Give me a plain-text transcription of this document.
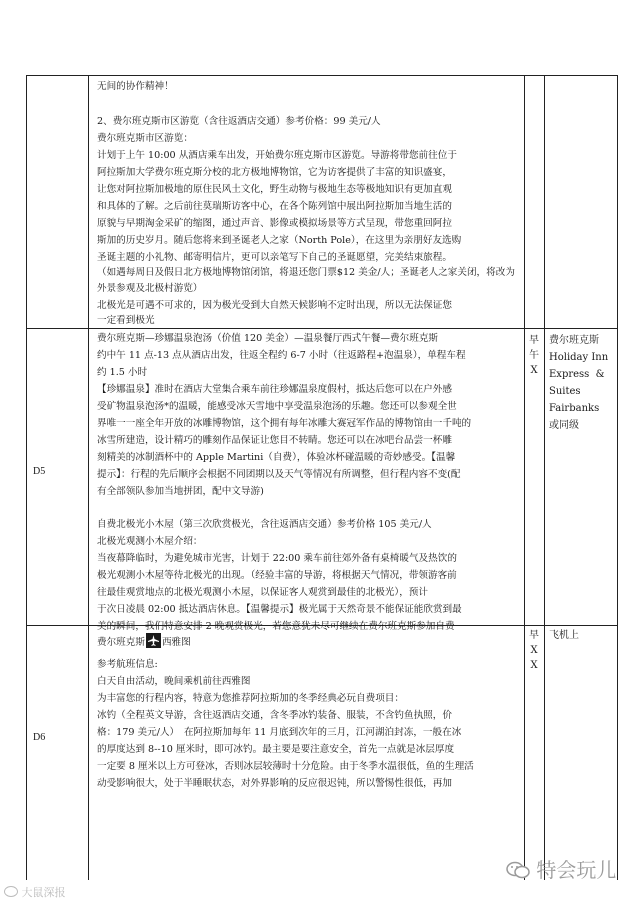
无间的协作精神！
2、费尔班克斯市区游览（含往返酒店交通）参考价格：99 美元/人
费尔班克斯市区游览：
计划于上午 10:00 从酒店乘车出发，开始费尔班克斯市区游览。导游将带您前往位于
阿拉斯加大学费尔班克斯分校的北方极地博物馆，它为访客提供了丰富的知识盛宴，
让您对阿拉斯加极地的原住民风土文化，野生动物与极地生态等极地知识有更加直观
和具体的了解。之后前往莫瑞斯访客中心，在各个陈列馆中展出阿拉斯加当地生活的
原貌与早期淘金采矿的缩图，通过声音、影像或模拟场景等方式呈现，带您重回阿拉
斯加的历史岁月。随后您将来到圣诞老人之家（North Pole），在这里为亲朋好友选购
圣诞主题的小礼物、邮寄明信片，更可以亲笔写下自己的圣诞愿望，完美结束旅程。
（如遇每周日及假日北方极地博物馆闭馆，将退还您门票$12 美金/人；圣诞老人之家关闭，将改为外景参观及北极村游览）
北极光是可遇不可求的，因为极光受到大自然天候影响不定时出现，所以无法保证您
一定看到极光
D5
费尔班克斯—珍娜温泉泡汤（价值 120 美金）—温泉餐厅西式午餐—费尔班克斯
约中午 11 点-13 点从酒店出发，往返全程约 6-7 小时（往返路程+泡温泉），单程车程
约 1.5 小时
【珍娜温泉】准时在酒店大堂集合乘车前往珍娜温泉度假村，抵达后您可以在户外感
受矿物温泉泡汤*的温暖，能感受冰天雪地中享受温泉泡汤的乐趣。您还可以参观全世
界唯一一座全年开放的冰雕博物馆，这个拥有每年冰雕大赛冠军作品的博物馆由一千吨的
冰雪所建造，设计精巧的雕刻作品保证让您目不转睛。您还可以在冰吧台品尝一杯雕
刻精美的冰制酒杯中的 Apple Martini（自费），体验冰杯碰温暖的奇妙感受。【温馨
提示】：行程的先后顺序会根据不同团期以及天气等情况有所调整，但行程内容不变(配
有全部领队参加当地拼团，配中文导游)
自费北极光小木屋（第三次欣赏极光，含往返酒店交通）参考价格 105 美元/人
北极光观测小木屋介绍：
当夜幕降临时，为避免城市光害，计划于 22:00 乘车前往郊外备有桌椅暖气及热饮的
极光观测小木屋等待北极光的出现。（经验丰富的导游，将根据天气情况，带领游客前
往最佳观赏地点的北极光观测小木屋，以保证客人观赏到最佳的北极光），预计
于次日凌晨 02:00 抵达酒店休息。【温馨提示】极光属于天然奇景不能保证能欣赏到最
美的瞬间，我们特意安排 2 晚观赏极光，若您意犹未尽可继续在费尔班克斯参加自费
早
午
X
费尔班克斯
Holiday Inn
Express  &
Suites
Fairbanks
或同级
D6
费尔班克斯 西雅图
参考航班信息:
白天自由活动，晚间乘机前往西雅图
为丰富您的行程内容，特意为您推荐阿拉斯加的冬季经典必玩自费项目：
冰钓（全程英文导游，含往返酒店交通，含冬季冰钓装备、服装，不含钓鱼执照，价
格：179 美元/人）　在阿拉斯加每年 11 月底到次年的三月，江河湖泊封冻，一般在冰
的厚度达到 8--10 厘米时，即可冰钓。最主要是要注意安全，首先一点就是冰层厚度
一定要 8 厘米以上方可登冰，否则冰层较薄时十分危险。由于冬季水温很低，鱼的生理活
动受影响很大，处于半睡眠状态，对外界影响的反应很迟钝，所以警惕性很低，再加
早
X
X
飞机上
大鼠深报
特会玩儿
